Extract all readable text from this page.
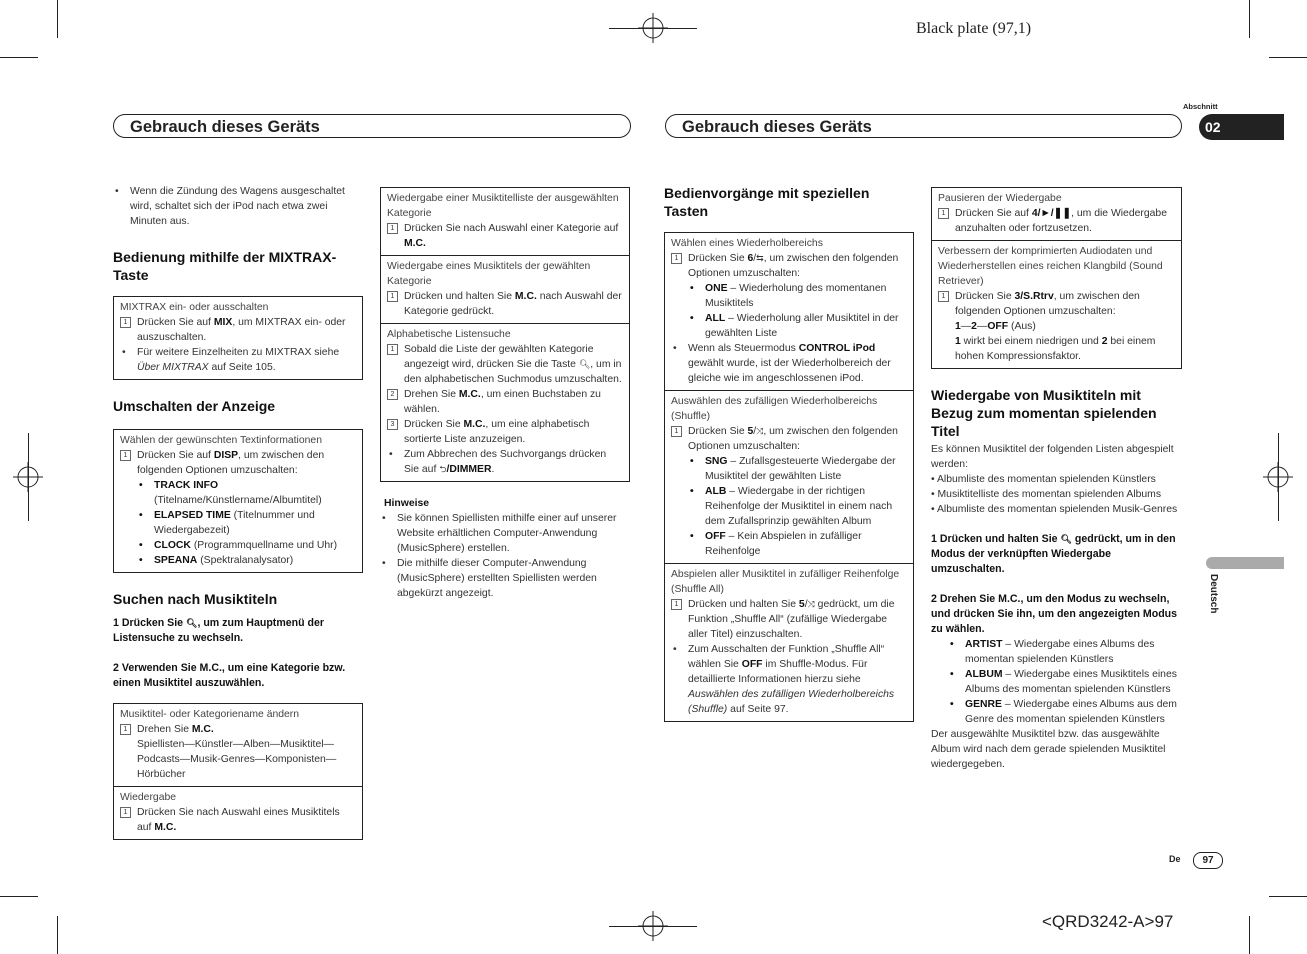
Black plate (97,1)
<QRD3242-A>97
Gebrauch dieses Geräts	Gebrauch dieses Geräts
Abschnitt
02
Deutsch
De	97

• Wenn die Zündung des Wagens ausgeschaltet wird, schaltet sich der iPod nach etwa zwei Minuten aus.

Bedienung mithilfe der MIXTRAX-Taste

MIXTRAX ein- oder ausschalten

1 Drücken Sie auf MIX, um MIXTRAX ein- oder auszuschalten.

• Für weitere Einzelheiten zu MIXTRAX siehe Über MIXTRAX auf Seite 105.

Umschalten der Anzeige

Wählen der gewünschten Textinformationen

1 Drücken Sie auf DISP, um zwischen den folgenden Optionen umzuschalten:

• TRACK INFO (Titelname/Künstlername/Albumtitel)

• ELAPSED TIME (Titelnummer und Wiedergabezeit)

• CLOCK (Programmquellname und Uhr)

• SPEANA (Spektralanalysator)

Suchen nach Musiktiteln

1 Drücken Sie 🔍︎, um zum Hauptmenü der Listensuche zu wechseln.

2 Verwenden Sie M.C., um eine Kategorie bzw. einen Musiktitel auszuwählen.

Musiktitel- oder Kategoriename ändern

1 Drehen Sie M.C.
Spiellisten—Künstler—Alben—Musiktitel—Podcasts—Musik-Genres—Komponisten—Hörbücher

Wiedergabe

1 Drücken Sie nach Auswahl eines Musiktitels auf M.C.

Wiedergabe einer Musiktitelliste der ausgewählten Kategorie

1 Drücken Sie nach Auswahl einer Kategorie auf M.C.

Wiedergabe eines Musiktitels der gewählten Kategorie

1 Drücken und halten Sie M.C. nach Auswahl der Kategorie gedrückt.

Alphabetische Listensuche

1 Sobald die Liste der gewählten Kategorie angezeigt wird, drücken Sie die Taste 🔍︎, um in den alphabetischen Suchmodus umzuschalten.

2 Drehen Sie M.C., um einen Buchstaben zu wählen.

3 Drücken Sie M.C., um eine alphabetisch sortierte Liste anzuzeigen.

• Zum Abbrechen des Suchvorgangs drücken Sie auf ⮌/DIMMER.

Hinweise

• Sie können Spiellisten mithilfe einer auf unserer Website erhältlichen Computer-Anwendung (MusicSphere) erstellen.

• Die mithilfe dieser Computer-Anwendung (MusicSphere) erstellten Spiellisten werden abgekürzt angezeigt.

Bedienvorgänge mit speziellen Tasten

Wählen eines Wiederholbereichs

1 Drücken Sie 6/⇆, um zwischen den folgenden Optionen umzuschalten:

• ONE – Wiederholung des momentanen Musiktitels

• ALL – Wiederholung aller Musiktitel in der gewählten Liste

• Wenn als Steuermodus CONTROL iPod gewählt wurde, ist der Wiederholbereich der gleiche wie im angeschlossenen iPod.

Auswählen des zufälligen Wiederholbereichs (Shuffle)

1 Drücken Sie 5/⤨, um zwischen den folgenden Optionen umzuschalten:

• SNG – Zufallsgesteuerte Wiedergabe der Musiktitel der gewählten Liste

• ALB – Wiedergabe in der richtigen Reihenfolge der Musiktitel in einem nach dem Zufallsprinzip gewählten Album

• OFF – Kein Abspielen in zufälliger Reihenfolge

Abspielen aller Musiktitel in zufälliger Reihenfolge (Shuffle All)

1 Drücken und halten Sie 5/⤨ gedrückt, um die Funktion „Shuffle All“ (zufällige Wiedergabe aller Titel) einzuschalten.

• Zum Ausschalten der Funktion „Shuffle All“ wählen Sie OFF im Shuffle-Modus. Für detaillierte Informationen hierzu siehe Auswählen des zufälligen Wiederholbereichs (Shuffle) auf Seite 97.

Pausieren der Wiedergabe

1 Drücken Sie auf 4/►/❚❚, um die Wiedergabe anzuhalten oder fortzusetzen.

Verbessern der komprimierten Audiodaten und Wiederherstellen eines reichen Klangbild (Sound Retriever)

1 Drücken Sie 3/S.Rtrv, um zwischen den folgenden Optionen umzuschalten:

1—2—OFF (Aus)

1 wirkt bei einem niedrigen und 2 bei einem hohen Kompressionsfaktor.

Wiedergabe von Musiktiteln mit Bezug zum momentan spielenden Titel

Es können Musiktitel der folgenden Listen abgespielt werden:

• Albumliste des momentan spielenden Künstlers

• Musiktitelliste des momentan spielenden Albums

• Albumliste des momentan spielenden Musik-Genres

1 Drücken und halten Sie 🔍︎ gedrückt, um in den Modus der verknüpften Wiedergabe umzuschalten.

2 Drehen Sie M.C., um den Modus zu wechseln, und drücken Sie ihn, um den angezeigten Modus zu wählen.

• ARTIST – Wiedergabe eines Albums des momentan spielenden Künstlers

• ALBUM – Wiedergabe eines Musiktitels eines Albums des momentan spielenden Künstlers

• GENRE – Wiedergabe eines Albums aus dem Genre des momentan spielenden Künstlers

Der ausgewählte Musiktitel bzw. das ausgewählte Album wird nach dem gerade spielenden Musiktitel wiedergegeben.
